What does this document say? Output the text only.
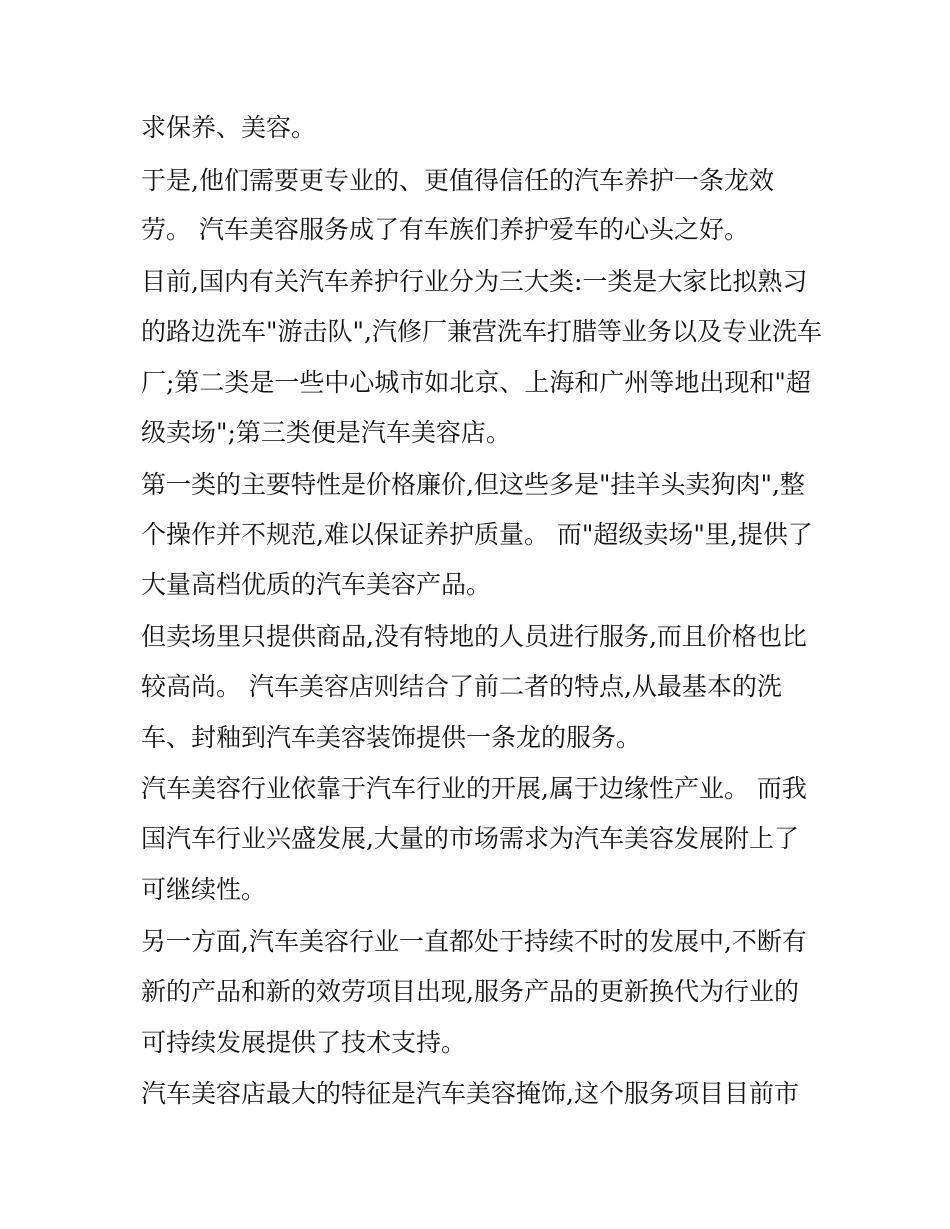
求保养、美容。

于是,他们需要更专业的、更值得信任的汽车养护一条龙效

劳。 汽车美容服务成了有车族们养护爱车的心头之好。

目前,国内有关汽车养护行业分为三大类:一类是大家比拟熟习

的路边洗车"游击队",汽修厂兼营洗车打腊等业务以及专业洗车

厂;第二类是一些中心城市如北京、上海和广州等地出现和"超

级卖场";第三类便是汽车美容店。

第一类的主要特性是价格廉价,但这些多是"挂羊头卖狗肉",整

个操作并不规范,难以保证养护质量。 而"超级卖场"里,提供了

大量高档优质的汽车美容产品。

但卖场里只提供商品,没有特地的人员进行服务,而且价格也比

较高尚。 汽车美容店则结合了前二者的特点,从最基本的洗

车、封釉到汽车美容装饰提供一条龙的服务。

汽车美容行业依靠于汽车行业的开展,属于边缘性产业。 而我

国汽车行业兴盛发展,大量的市场需求为汽车美容发展附上了

可继续性。

另一方面,汽车美容行业一直都处于持续不时的发展中,不断有

新的产品和新的效劳项目出现,服务产品的更新换代为行业的

可持续发展提供了技术支持。

汽车美容店最大的特征是汽车美容掩饰,这个服务项目目前市
